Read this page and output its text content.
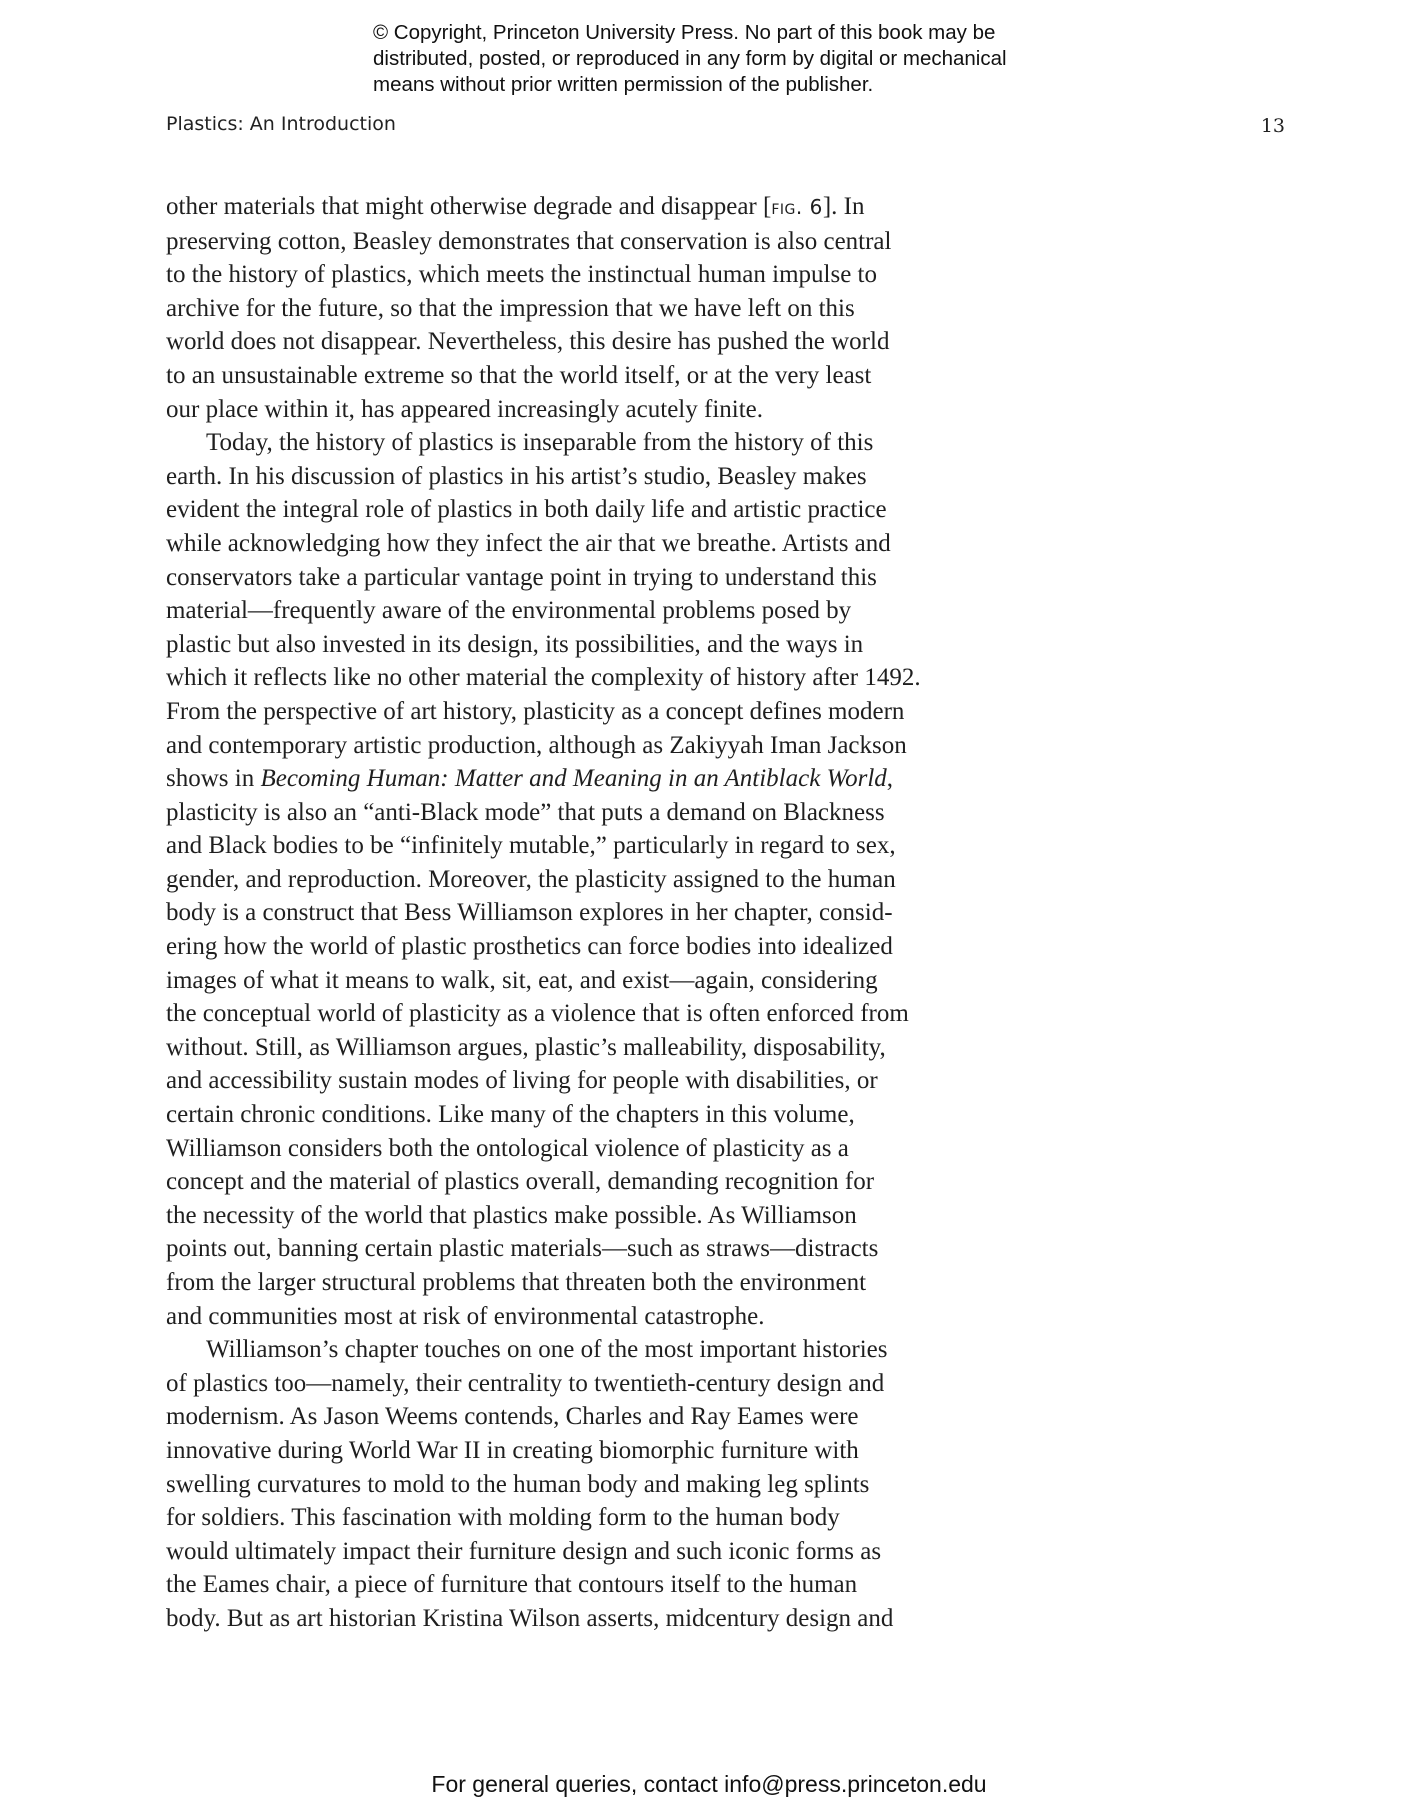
© Copyright, Princeton University Press. No part of this book may be
distributed, posted, or reproduced in any form by digital or mechanical
means without prior written permission of the publisher.
Plastics: An Introduction	13
other materials that might otherwise degrade and disappear [fig. 6]. In
preserving cotton, Beasley demonstrates that conservation is also central
to the history of plastics, which meets the instinctual human impulse to
archive for the future, so that the impression that we have left on this
world does not disappear. Nevertheless, this desire has pushed the world
to an unsustainable extreme so that the world itself, or at the very least
our place within it, has appeared increasingly acutely finite.
Today, the history of plastics is inseparable from the history of this
earth. In his discussion of plastics in his artist’s studio, Beasley makes
evident the integral role of plastics in both daily life and artistic practice
while acknowledging how they infect the air that we breathe. Artists and
conservators take a particular vantage point in trying to understand this
material—frequently aware of the environmental problems posed by
plastic but also invested in its design, its possibilities, and the ways in
which it reflects like no other material the complexity of history after 1492.
From the perspective of art history, plasticity as a concept defines modern
and contemporary artistic production, although as Zakiyyah Iman Jackson
shows in Becoming Human: Matter and Meaning in an Antiblack World,
plasticity is also an “anti-Black mode” that puts a demand on Blackness
and Black bodies to be “infinitely mutable,” particularly in regard to sex,
gender, and reproduction. Moreover, the plasticity assigned to the human
body is a construct that Bess Williamson explores in her chapter, consid-
ering how the world of plastic prosthetics can force bodies into idealized
images of what it means to walk, sit, eat, and exist—again, considering
the conceptual world of plasticity as a violence that is often enforced from
without. Still, as Williamson argues, plastic’s malleability, disposability,
and accessibility sustain modes of living for people with disabilities, or
certain chronic conditions. Like many of the chapters in this volume,
Williamson considers both the ontological violence of plasticity as a
concept and the material of plastics overall, demanding recognition for
the necessity of the world that plastics make possible. As Williamson
points out, banning certain plastic materials—such as straws—distracts
from the larger structural problems that threaten both the environment
and communities most at risk of environmental catastrophe.
Williamson’s chapter touches on one of the most important histories
of plastics too—namely, their centrality to twentieth-century design and
modernism. As Jason Weems contends, Charles and Ray Eames were
innovative during World War II in creating biomorphic furniture with
swelling curvatures to mold to the human body and making leg splints
for soldiers. This fascination with molding form to the human body
would ultimately impact their furniture design and such iconic forms as
the Eames chair, a piece of furniture that contours itself to the human
body. But as art historian Kristina Wilson asserts, midcentury design and
For general queries, contact info@press.princeton.edu
